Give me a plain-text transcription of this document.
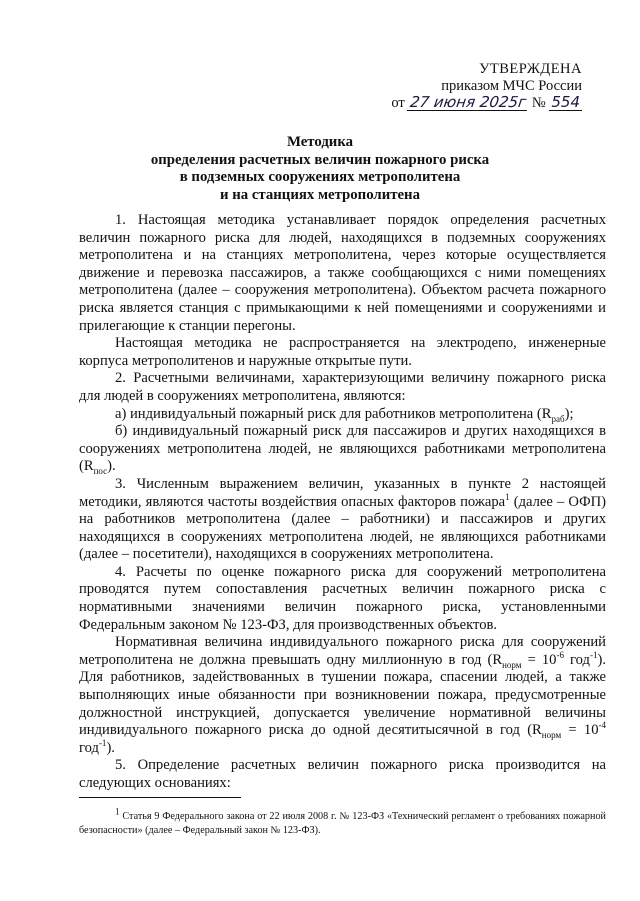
УТВЕРЖДЕНА
приказом МЧС России
от 27 июня 2025г № 554
Методика
определения расчетных величин пожарного риска
в подземных сооружениях метрополитена
и на станциях метрополитена

1. Настоящая методика устанавливает порядок определения расчетных величин пожарного риска для людей, находящихся в подземных сооружениях метрополитена и на станциях метрополитена, через которые осуществляется движение и перевозка пассажиров, а также сообщающихся с ними помещениях метрополитена (далее – сооружения метрополитена). Объектом расчета пожарного риска является станция с примыкающими к ней помещениями и сооружениями и прилегающие к станции перегоны.

Настоящая методика не распространяется на электродепо, инженерные корпуса метрополитенов и наружные открытые пути.

2. Расчетными величинами, характеризующими величину пожарного риска для людей в сооружениях метрополитена, являются:

а) индивидуальный пожарный риск для работников метрополитена $(R_{раб})$;

б) индивидуальный пожарный риск для пассажиров и других находящихся в сооружениях метрополитена людей, не являющихся работниками метрополитена $(R_{пос})$.

3. Численным выражением величин, указанных в пункте 2 настоящей методики, являются частоты воздействия опасных факторов пожара$^1$ (далее – ОФП) на работников метрополитена (далее – работники) и пассажиров и других находящихся в сооружениях метрополитена людей, не являющихся работниками (далее – посетители), находящихся в сооружениях метрополитена.

4. Расчеты по оценке пожарного риска для сооружений метрополитена проводятся путем сопоставления расчетных величин пожарного риска с нормативными значениями величин пожарного риска, установленными Федеральным законом № 123-ФЗ, для производственных объектов.

Нормативная величина индивидуального пожарного риска для сооружений метрополитена не должна превышать одну миллионную в год ($R_{норм} = 10^{-6}$ год$^{-1}$). Для работников, задействованных в тушении пожара, спасении людей, а также выполняющих иные обязанности при возникновении пожара, предусмотренные должностной инструкцией, допускается увеличение нормативной величины индивидуального пожарного риска до одной десятитысячной в год ($R_{норм} = 10^{-4}$ год$^{-1}$).

5. Определение расчетных величин пожарного риска производится на следующих основаниях:

$^1$ Статья 9 Федерального закона от 22 июля 2008 г. № 123-ФЗ «Технический регламент о требованиях пожарной безопасности» (далее – Федеральный закон № 123-ФЗ).
